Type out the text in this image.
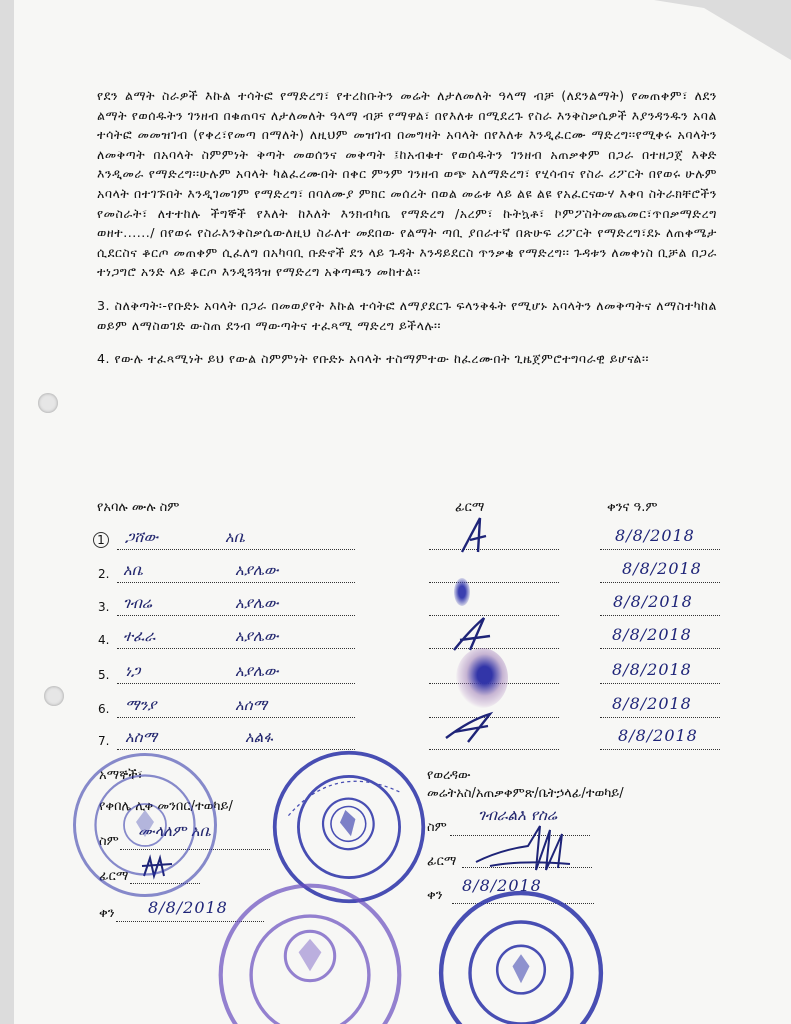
የደን ልማት ስራዎች እኩል ተሳትፎ የማድረግ፣ የተረከቡትን መሬት ለታለመለት ዓላማ ብቻ (ለደንልማት) የመጠቀም፣ ለደን ልማት የወሰዱትን ገንዘብ በቁጠባና ለታለመለት ዓላማ ብቻ የማዋል፣ በየእለቱ በሚደረጉ የስራ እንቅስቃሴዎች እያንዳንዱን አባል ተሳትፎ መመዝገብ (የቀረ፣የመጣ በማለት) ለዚህም መዝገብ በመግዛት አባላት በየእለቱ እንዲፈርሙ ማድረግ፡፡የሚቀሩ አባላትን ለመቅጣት በአባላት ስምምነት ቅጣት መወሰንና መቅጣት ፤ከአብቁተ የወሰዱትን ገንዘብ አጠቃቀም በጋራ በተዘጋጀ እቅድ እንዲመራ የማድረግ፡፡ሁሉም አባላት ካልፈረሙበት በቀር ምንም ገንዘብ ወጭ አለማድረግ፣ የሂሳብና የስራ ሪፖርት በየወሩ ሁሉም አባላት በተገኙበት እንዲገመገም የማድረግ፣ በባለሙያ ምክር መሰረት በወል መሬቱ ላይ ልዩ ልዩ የአፈርናውሃ እቀባ ስትራክቸሮችን የመስራት፣ ለተተከሉ ችግኞች የእለት ከእለት እንክብካቤ የማድረግ /አረም፣ ኩትኳቶ፣ ኮምፖስትመጨመር፣ጥበቃማድረግ ወዘተ....../ በየወሩ የስራእንቅስቃሴውለዚህ ስራለተ መደበው የልማት ጣቢ ያበራተኛ በጽሁፍ ሪፖርት የማድረግ፣ደኑ ለጠቀሜታ ሲደርስና ቆርጦ መጠቀም ሲፈለግ በአካባቢ ቡድኖች ደን ላይ ጉዳት እንዳይደርስ ጥንቃቄ የማድረግ፡፡ ጉዳቱን ለመቀነስ ቢቻል በጋራ ተነጋግሮ አንድ ላይ ቆርጦ እንዲጓጓዝ የማድረግ አቅጣጫን መከተል፡፡

3. ስለቅጣት፡-የቡድኑ አባላት በጋራ በመወያየት እኩል ተሳትፎ ለማያደርጉ ፍላንቅፋት የሚሆኑ አባላትን ለመቅጣትና ለማስተካከል ወይም ለማስወገድ ውስጠ ደንብ ማውጣትና ተፈጻሚ ማድረግ ይችላሉ፡፡

4. የውሉ ተፈጻሚነት ይህ የውል ስምምነት የቡድኑ አባላት ተስማምተው ከፈረሙበት ጊዜጀምሮተግባራዊ ይሆናል፡፡

የአባሉ ሙሉ ስም	ፊርማ	ቀንና ዓ.ም
1 ጋሸው	አቤ	8/8/2018
2. አቤ	አያሌው	8/8/2018
3. ገብሬ	አያሌው	8/8/2018
4. ተፈራ	አያሌው	8/8/2018
5. ነጋ	አያሌው	8/8/2018
6. ማንያ	አሰማ	8/8/2018
7. አስማ	አልፋ	8/8/2018
አማኞች፣
የቀበሌ ሊቀ መንበር/ተወካይ/
ስም
ሙላለም አቤ
ፊርማ
ቀን 8/8/2018
የወረዳው
መሬትአስ/አጠቃቀምጽ/ቤትኃላፊ/ተወካይ/
ስም
ገብራልእ የስሬ
ፊርማ
ቀን
8/8/2018
